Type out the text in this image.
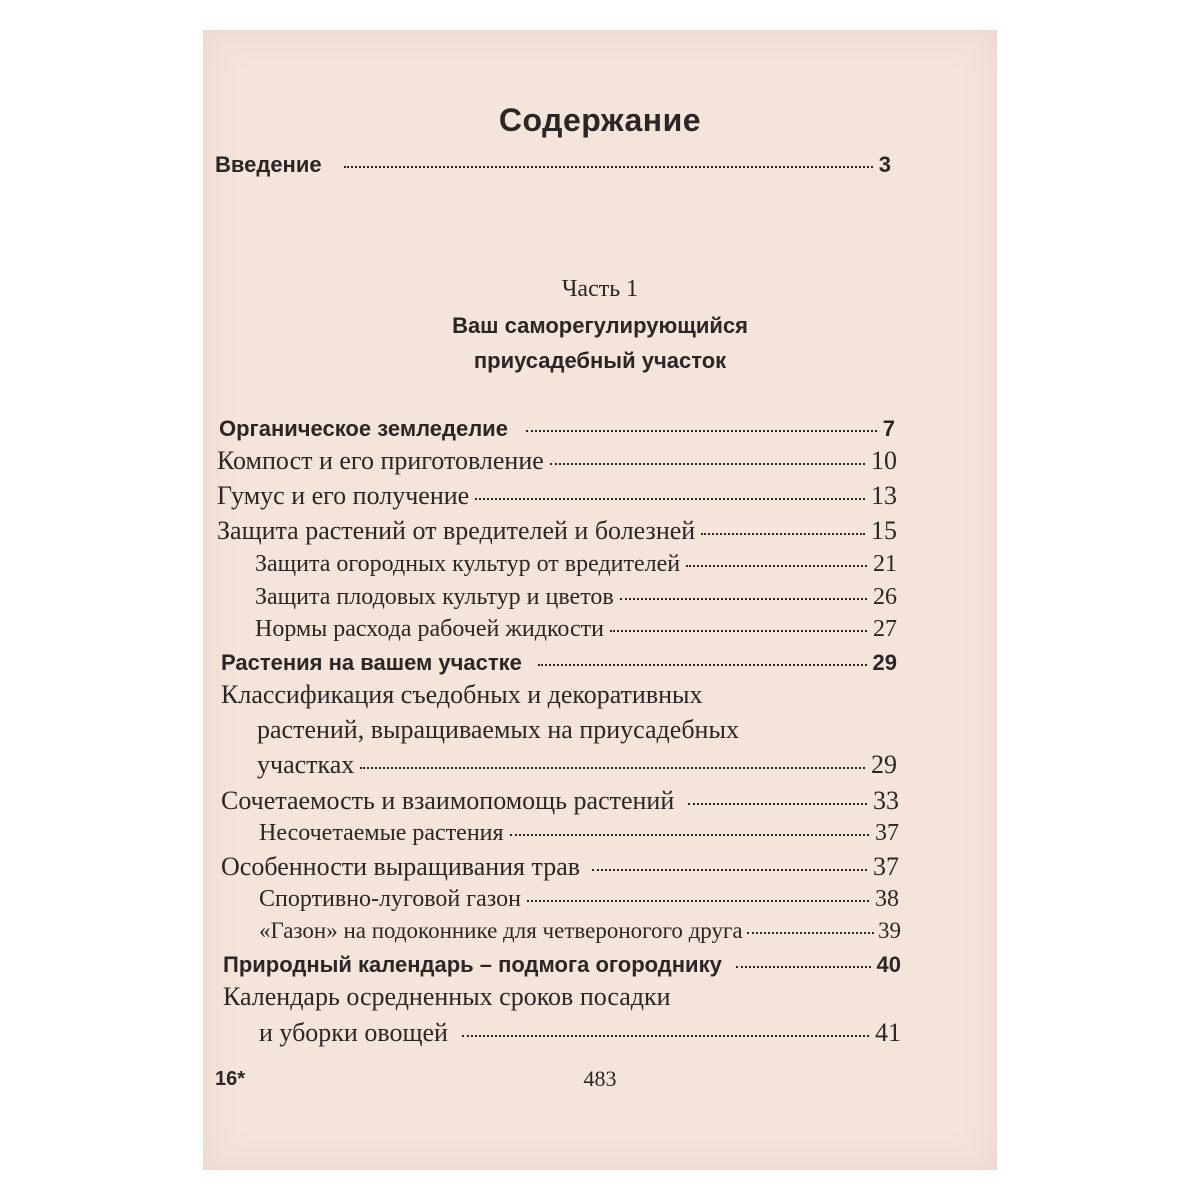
Содержание
Введение	3
Часть 1
Ваш саморегулирующийся
приусадебный участок
Органическое земледелие	7
Компост и его приготовление	10
Гумус и его получение	13
Защита растений от вредителей и болезней	15
Защита огородных культур от вредителей	21
Защита плодовых культур и цветов	26
Нормы расхода рабочей жидкости	27
Растения на вашем участке	29
Классификация съедобных и декоративных
растений, выращиваемых на приусадебных
участках	29
Сочетаемость и взаимопомощь растений	33
Несочетаемые растения	37
Особенности выращивания трав	37
Спортивно-луговой газон	38
«Газон» на подоконнике для четвероногого друга	39
Природный календарь – подмога огороднику	40
Календарь осредненных сроков посадки
и уборки овощей	41
16*	483
